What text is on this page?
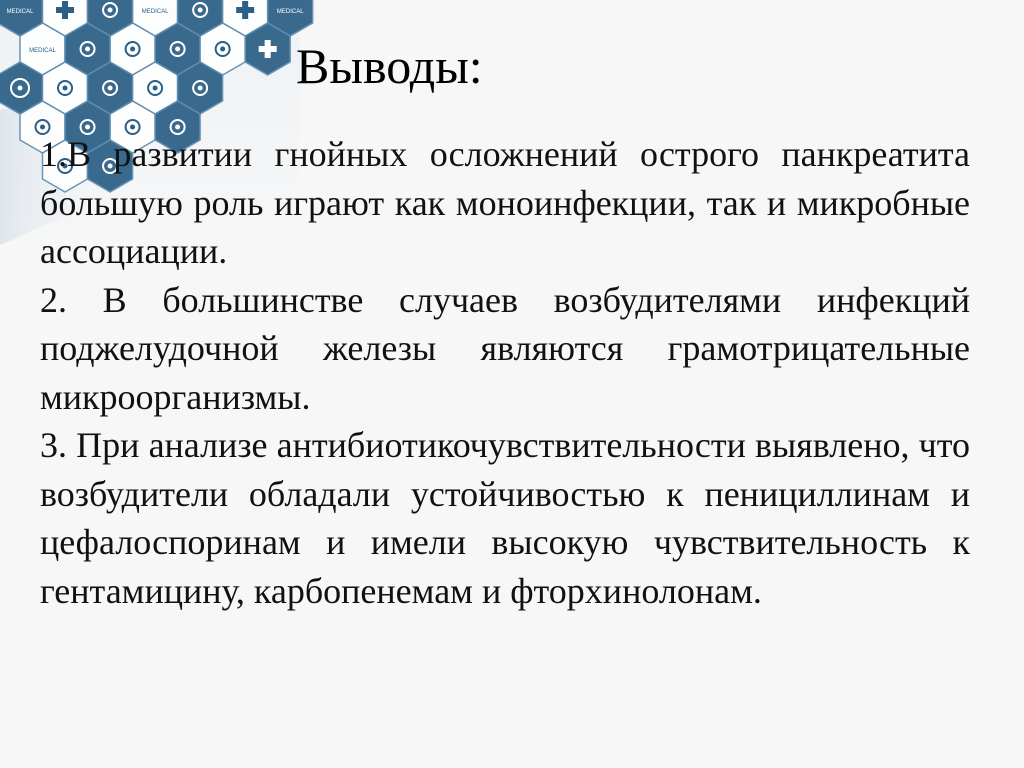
MEDICAL	MEDICAL	MEDICAL
MEDICAL	Выводы:

1.В развитии гнойных осложнений острого панкреатита большую роль играют как моноинфекции, так и микробные ассоциации.

2. В большинстве случаев возбудителями инфекций поджелудочной железы являются грамотрицательные микроорганизмы.

3. При анализе антибиотикочувствительности выявлено, что возбудители обладали устойчивостью к пенициллинам и цефалоспоринам и имели высокую чувствительность к гентамицину, карбопенемам и фторхинолонам.
